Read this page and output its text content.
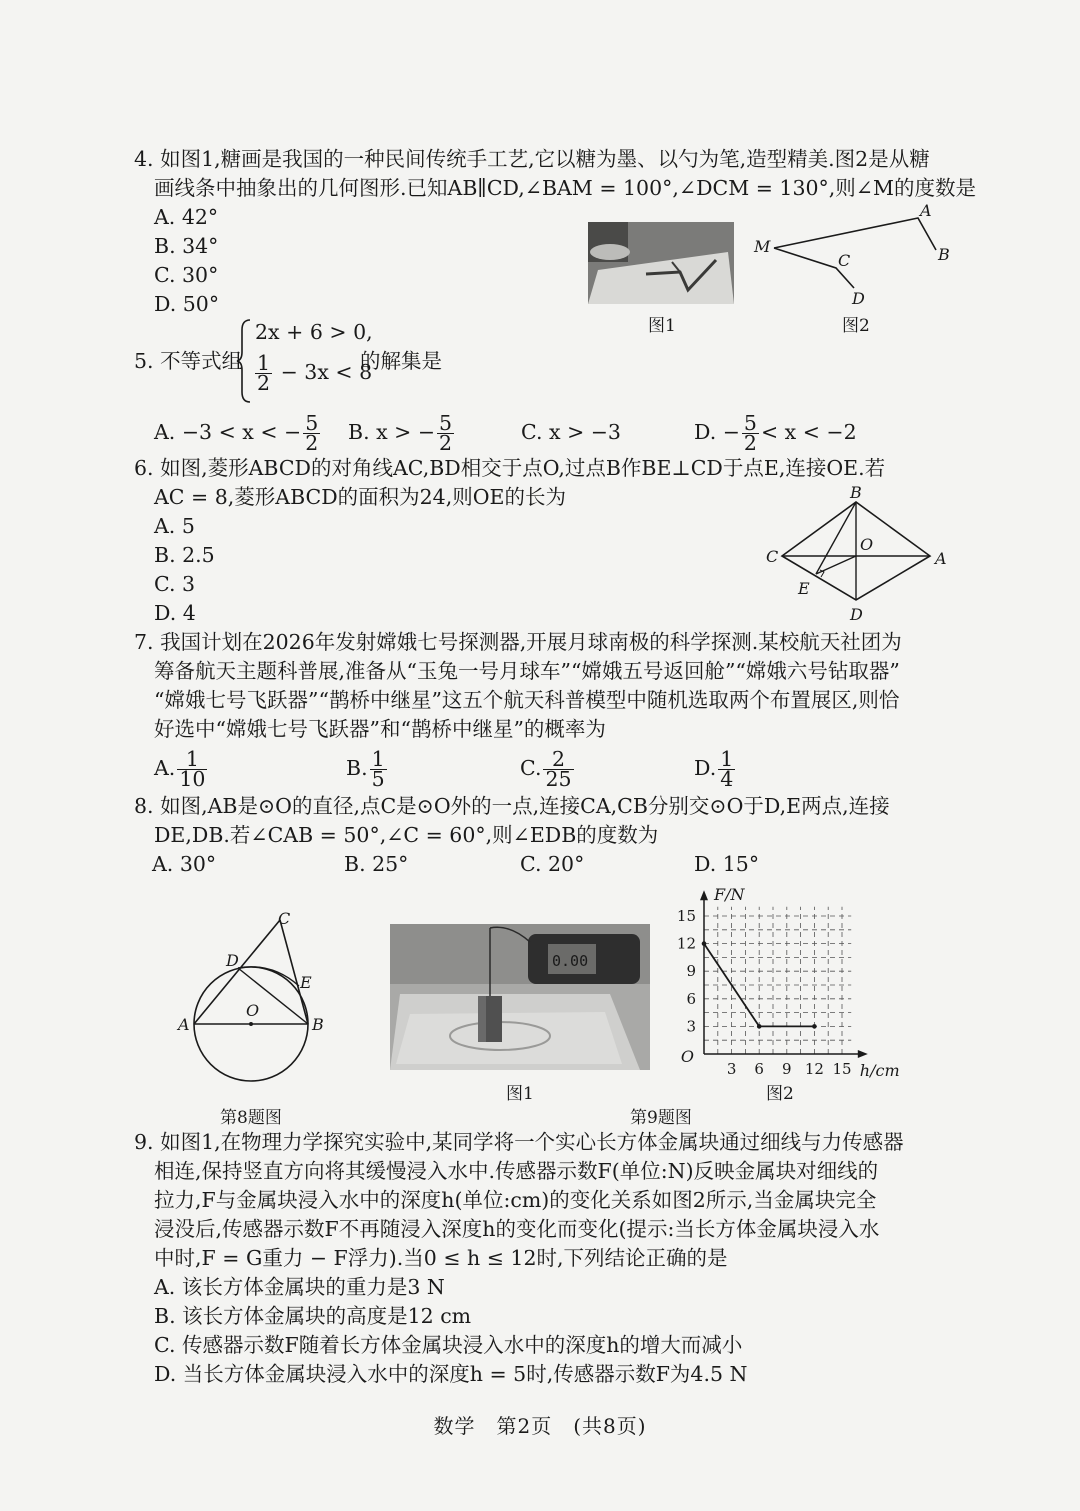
4. 如图1,糖画是我国的一种民间传统手工艺,它以糖为墨、以勺为笔,造型精美.图2是从糖
画线条中抽象出的几何图形.已知AB∥CD,∠BAM = 100°,∠DCM = 130°,则∠M的度数是
A. 42°
B. 34°
C. 30°
D. 50°
图1
A
B
M
C
D
图2
5. 不等式组
2x + 6 > 0,
$\frac{1}{2} - 3x < 8$
的解集是
A. −3 < x < − $\frac{5}{2} B$. x > − $\frac{5}{2}$	C. x > −3	D. − $\frac{5}{2} < x < -2$
6. 如图,菱形ABCD的对角线AC,BD相交于点O,过点B作BE⊥CD于点E,连接OE.若
AC = 8,菱形ABCD的面积为24,则OE的长为
A. 5
B. 2.5
C. 3
D. 4
B
C	A
O
E
D
7. 我国计划在2026年发射嫦娥七号探测器,开展月球南极的科学探测.某校航天社团为
筹备航天主题科普展,准备从“玉兔一号月球车”“嫦娥五号返回舱”“嫦娥六号钻取器”
“嫦娥七号飞跃器”“鹊桥中继星”这五个航天科普模型中随机选取两个布置展区,则恰
好选中“嫦娥七号飞跃器”和“鹊桥中继星”的概率为
A. $\frac{1}{10}$	B. $\frac{1}{5}$	C. $\frac{2}{25}$	D. $\frac{1}{4}$
8. 如图,AB是⊙O的直径,点C是⊙O外的一点,连接CA,CB分别交⊙O于D,E两点,连接
DE,DB.若∠CAB = 50°,∠C = 60°,则∠EDB的度数为
A. 30°	B. 25°	C. 20°	D. 15°
C
D
E
A	B
O
第8题图
0.00
图1
3 6 9 12 15
3
6
9
12
15
O
F/N
h/cm
图2
第9题图
9. 如图1,在物理力学探究实验中,某同学将一个实心长方体金属块通过细线与力传感器
相连,保持竖直方向将其缓慢浸入水中.传感器示数F(单位:N)反映金属块对细线的
拉力,F与金属块浸入水中的深度h(单位:cm)的变化关系如图2所示,当金属块完全
浸没后,传感器示数F不再随浸入深度h的变化而变化(提示:当长方体金属块浸入水
中时,F = G重力 − F浮力).当0 ≤ h ≤ 12时,下列结论正确的是
A. 该长方体金属块的重力是3 N
B. 该长方体金属块的高度是12 cm
C. 传感器示数F随着长方体金属块浸入水中的深度h的增大而减小
D. 当长方体金属块浸入水中的深度h = 5时,传感器示数F为4.5 N
数学　第2页　(共8页)
